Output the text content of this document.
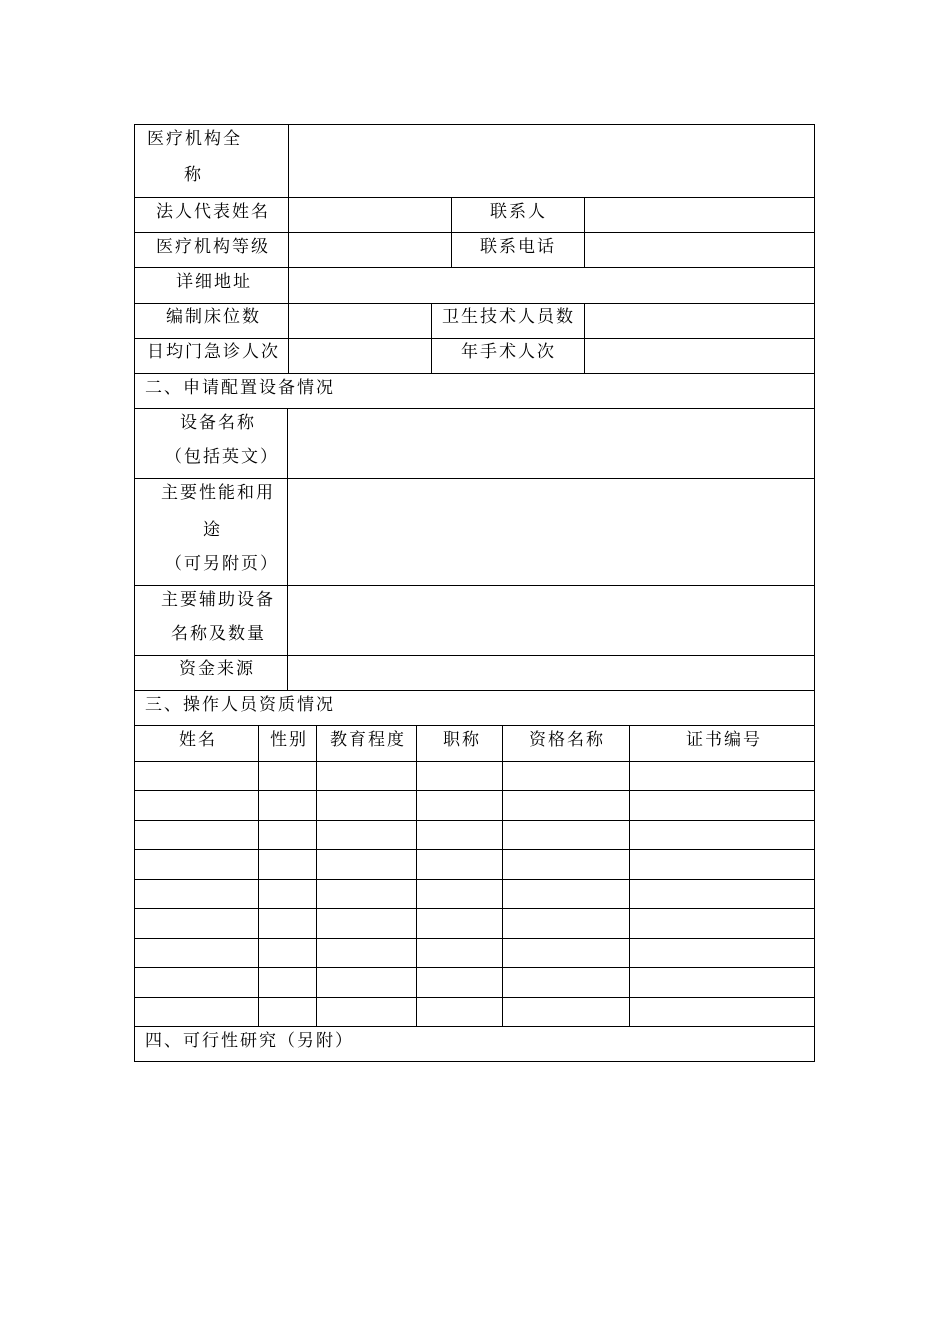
医疗机构全
称
法人代表姓名	联系人
医疗机构等级	联系电话
详细地址
编制床位数	卫生技术人员数
日均门急诊人次	年手术人次
二、申请配置设备情况
设备名称
（包括英文）
主要性能和用
途
（可另附页）
主要辅助设备
名称及数量
资金来源
三、操作人员资质情况
姓名	性别 教育程度 职称	资格名称	证书编号
四、可行性研究（另附）
